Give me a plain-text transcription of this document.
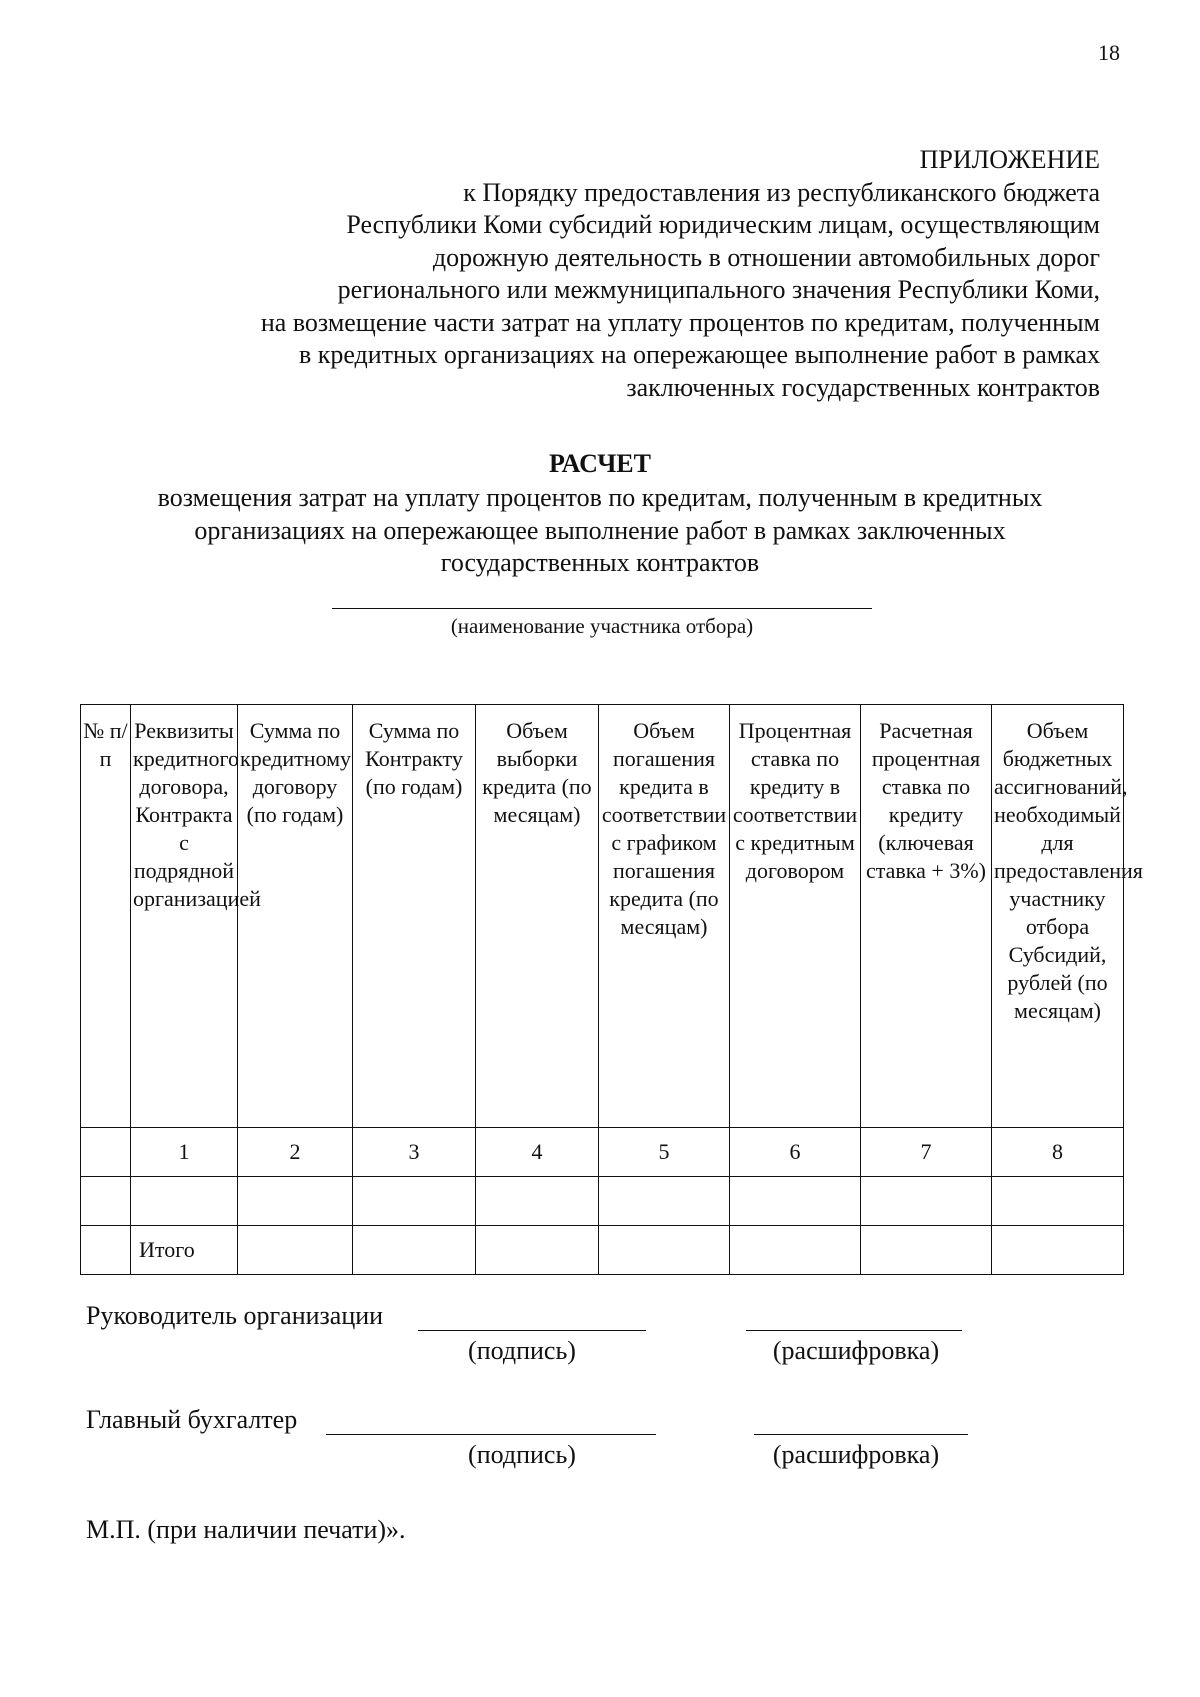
18
ПРИЛОЖЕНИЕ
к Порядку предоставления из республиканского бюджета
Республики Коми субсидий юридическим лицам, осуществляющим
дорожную деятельность в отношении автомобильных дорог
регионального или межмуниципального значения Республики Коми,
на возмещение части затрат на уплату процентов по кредитам, полученным
в кредитных организациях на опережающее выполнение работ в рамках
заключенных государственных контрактов
РАСЧЕТ
возмещения затрат на уплату процентов по кредитам, полученным в кредитных
организациях на опережающее выполнение работ в рамках заключенных
государственных контрактов
(наименование участника отбора)
№ п/п	Реквизиты кредитного договора, Контракта с подрядной организацией	Сумма по кредитному договору (по годам)	Сумма по Контракту (по годам)	Объем выборки кредита (по месяцам)	Объем погашения кредита в соответствии с графиком погашения кредита (по месяцам)	Процентная ставка по кредиту в соответствии с кредитным договором	Расчетная процентная ставка по кредиту (ключевая ставка + 3%)	Объем бюджетных ассигнований, необходимый для предоставления участнику отбора Субсидий, рублей (по месяцам)

	1	2	3	4	5	6	7	8

	Итого							
Руководитель организации
(подпись)	(расшифровка)
Главный бухгалтер
(подпись)	(расшифровка)
М.П. (при наличии печати)».
